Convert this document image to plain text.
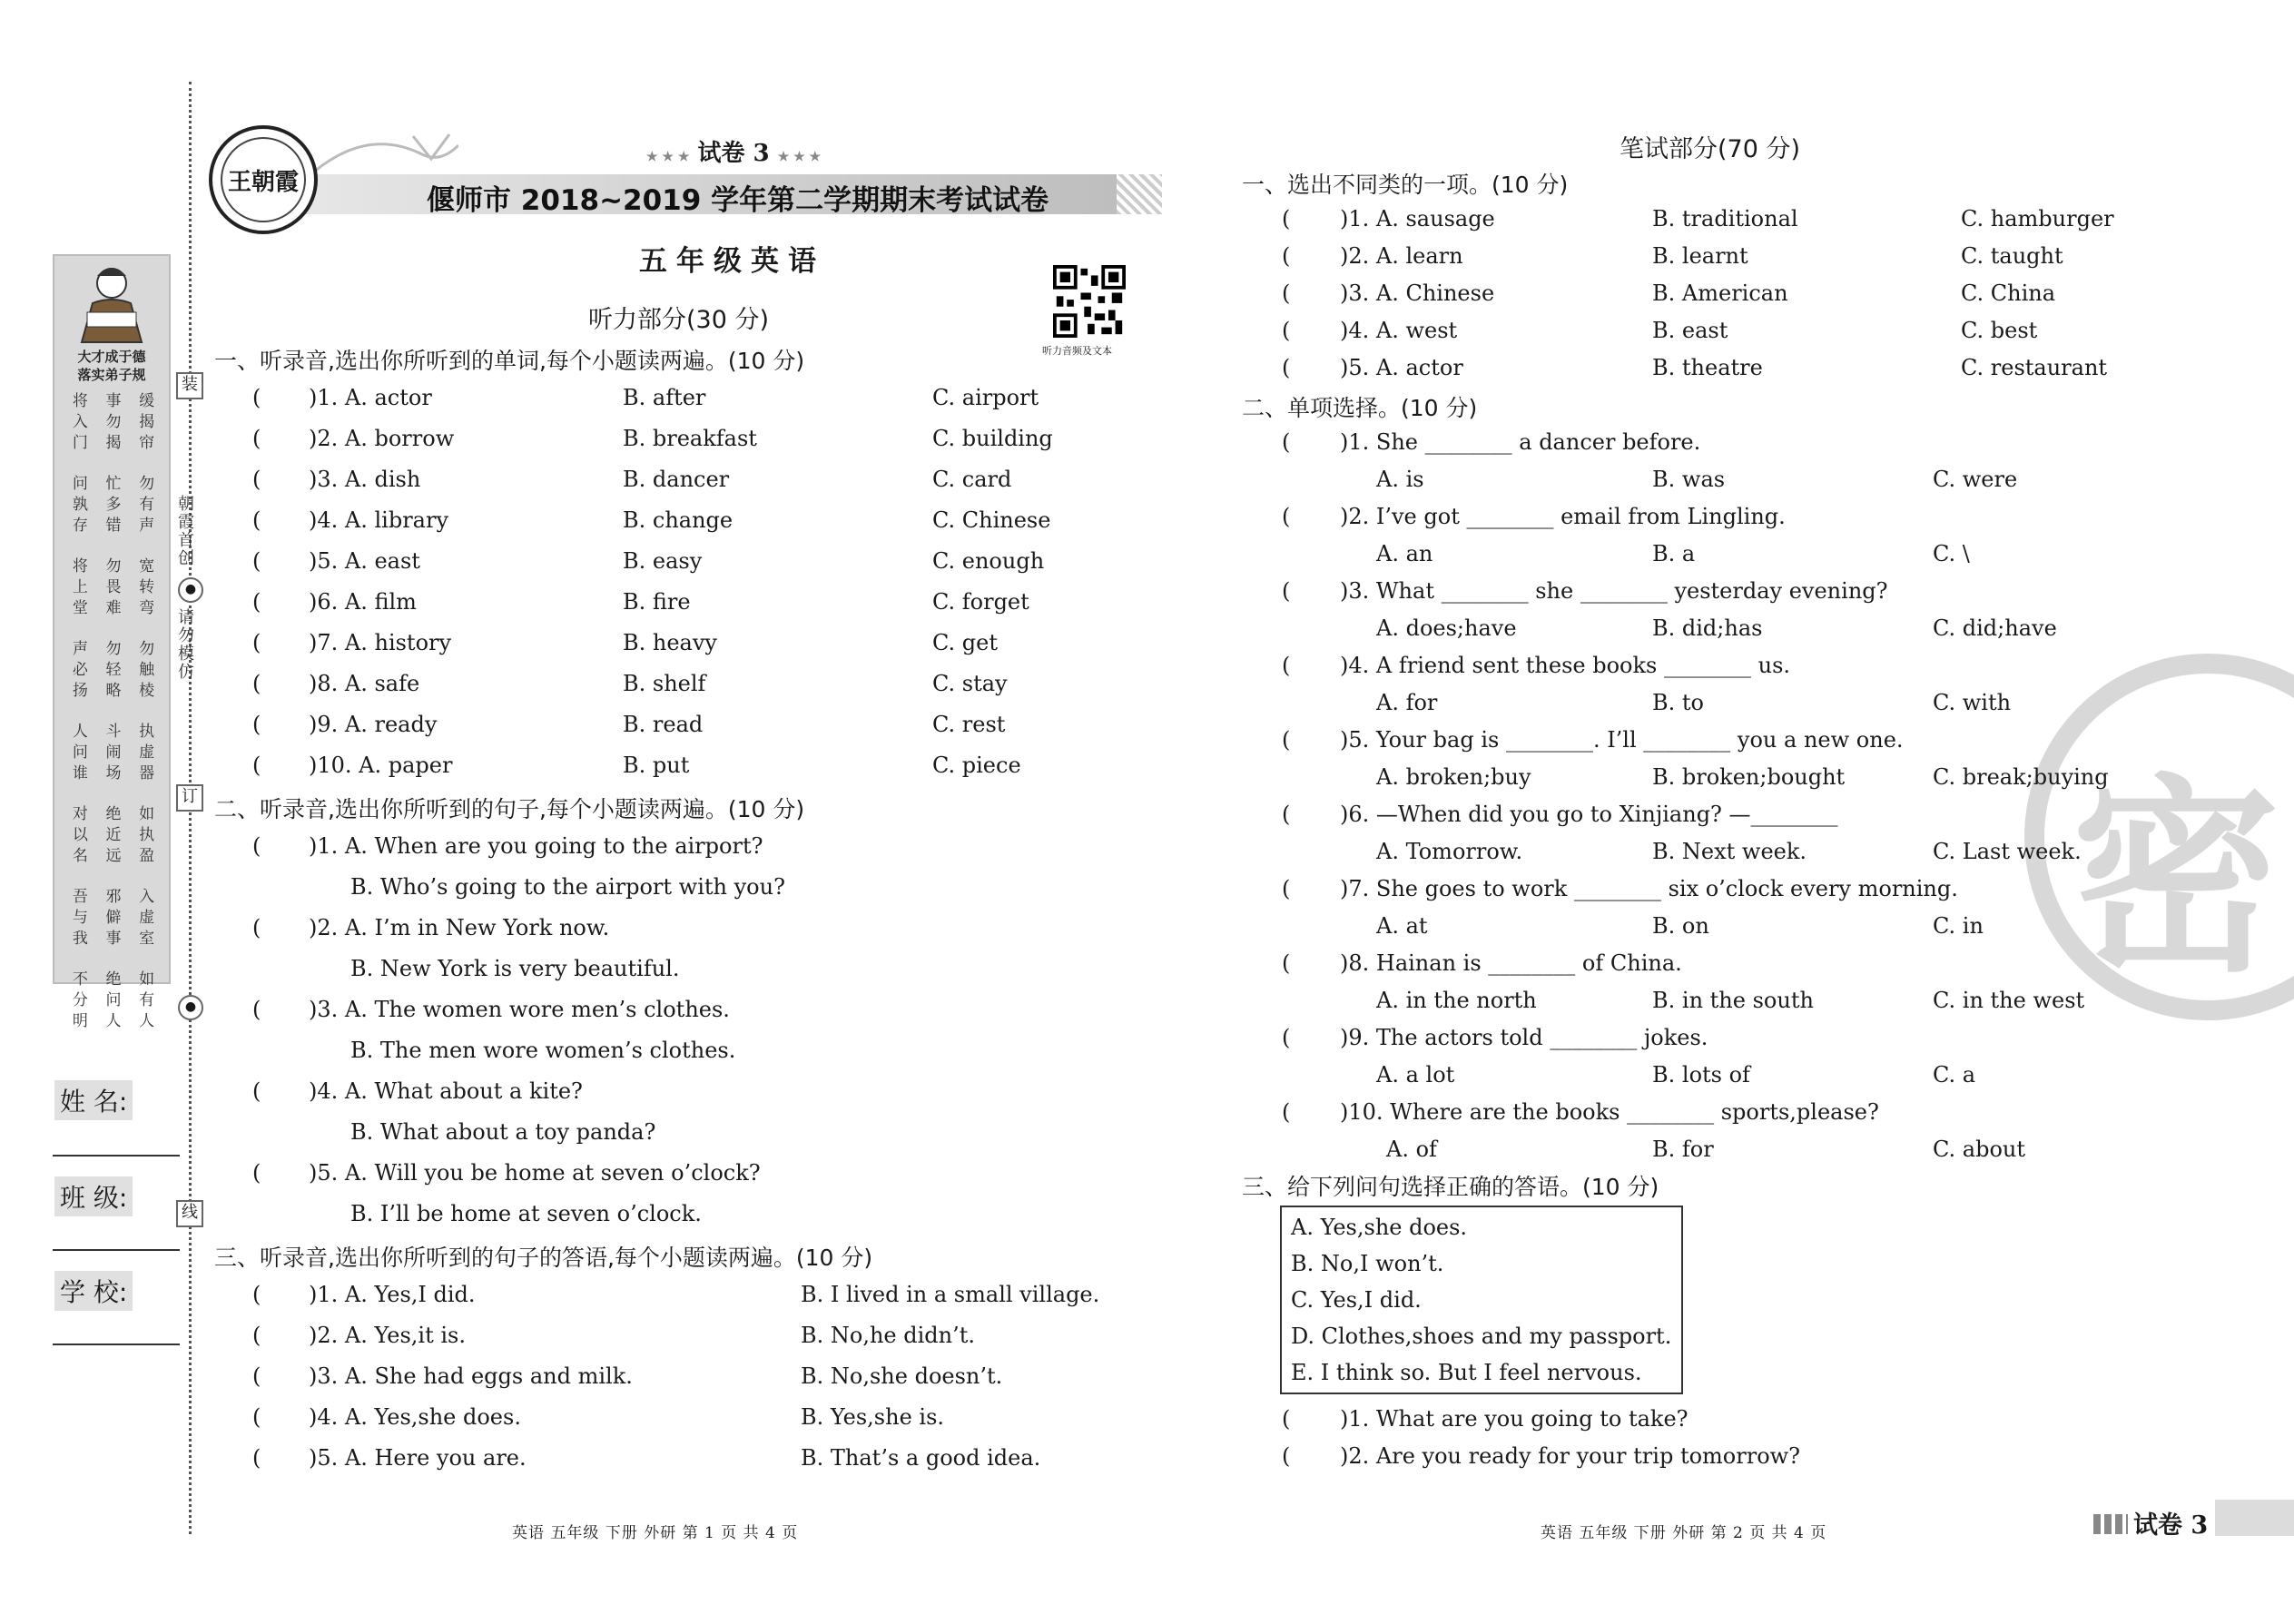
装
订
线
●
●
朝霞首创
请勿模仿
大才成于德
落实弟子规
将入门 事勿揭 缓揭帘
问孰存 忙多错 勿有声
将上堂 勿畏难 宽转弯
声必扬 勿轻略 勿触棱
人问谁 斗闹场 执虚器
对以名 绝近远 如执盈
吾与我 邪僻事 入虚室
不分明 绝问人 如有人
姓 名:
班 级:
学 校:
王朝霞
★ ★ ★ 试卷 3 ★ ★ ★
偃师市 2018~2019 学年第二学期期末考试试卷
五年级英语
听力音频及文本
听力部分(30 分)
一、听录音,选出你所听到的单词,每个小题读两遍。(10 分)
( )1. A. actor	B. after	C. airport
( )2. A. borrow	B. breakfast	C. building
( )3. A. dish	B. dancer	C. card
( )4. A. library	B. change	C. Chinese
( )5. A. east	B. easy	C. enough
( )6. A. film	B. fire	C. forget
( )7. A. history	B. heavy	C. get
( )8. A. safe	B. shelf	C. stay
( )9. A. ready	B. read	C. rest
( )10. A. paper	B. put	C. piece
二、听录音,选出你所听到的句子,每个小题读两遍。(10 分)
( )1. A. When are you going to the airport?
B. Who’s going to the airport with you?
( )2. A. I’m in New York now.
B. New York is very beautiful.
( )3. A. The women wore men’s clothes.
B. The men wore women’s clothes.
( )4. A. What about a kite?
B. What about a toy panda?
( )5. A. Will you be home at seven o’clock?
B. I’ll be home at seven o’clock.
三、听录音,选出你所听到的句子的答语,每个小题读两遍。(10 分)
( )1. A. Yes,I did.	B. I lived in a small village.
( )2. A. Yes,it is.	B. No,he didn’t.
( )3. A. She had eggs and milk.	B. No,she doesn’t.
( )4. A. Yes,she does.	B. Yes,she is.
( )5. A. Here you are.	B. That’s a good idea.
英语 五年级 下册 外研 第 1 页 共 4 页
密
笔试部分(70 分)
一、选出不同类的一项。(10 分)
( )1. A. sausage	B. traditional	C. hamburger
( )2. A. learn	B. learnt	C. taught
( )3. A. Chinese	B. American	C. China
( )4. A. west	B. east	C. best
( )5. A. actor	B. theatre	C. restaurant
二、单项选择。(10 分)
( )1. She ________ a dancer before.
A. is	B. was	C. were
( )2. I’ve got ________ email from Lingling.
A. an	B. a	C. \
( )3. What ________ she ________ yesterday evening?
A. does;have	B. did;has	C. did;have
( )4. A friend sent these books ________ us.
A. for	B. to	C. with
( )5. Your bag is ________. I’ll ________ you a new one.
A. broken;buy	B. broken;bought	C. break;buying
( )6. —When did you go to Xinjiang? —________
A. Tomorrow.	B. Next week.	C. Last week.
( )7. She goes to work ________ six o’clock every morning.
A. at	B. on	C. in
( )8. Hainan is ________ of China.
A. in the north	B. in the south	C. in the west
( )9. The actors told ________ jokes.
A. a lot	B. lots of	C. a
( )10. Where are the books ________ sports,please?
A. of	B. for	C. about
三、给下列问句选择正确的答语。(10 分)
A. Yes,she does.
B. No,I won’t.
C. Yes,I did.
D. Clothes,shoes and my passport.
E. I think so. But I feel nervous.
( )1. What are you going to take?
( )2. Are you ready for your trip tomorrow?
英语 五年级 下册 外研 第 2 页 共 4 页	试卷 3
